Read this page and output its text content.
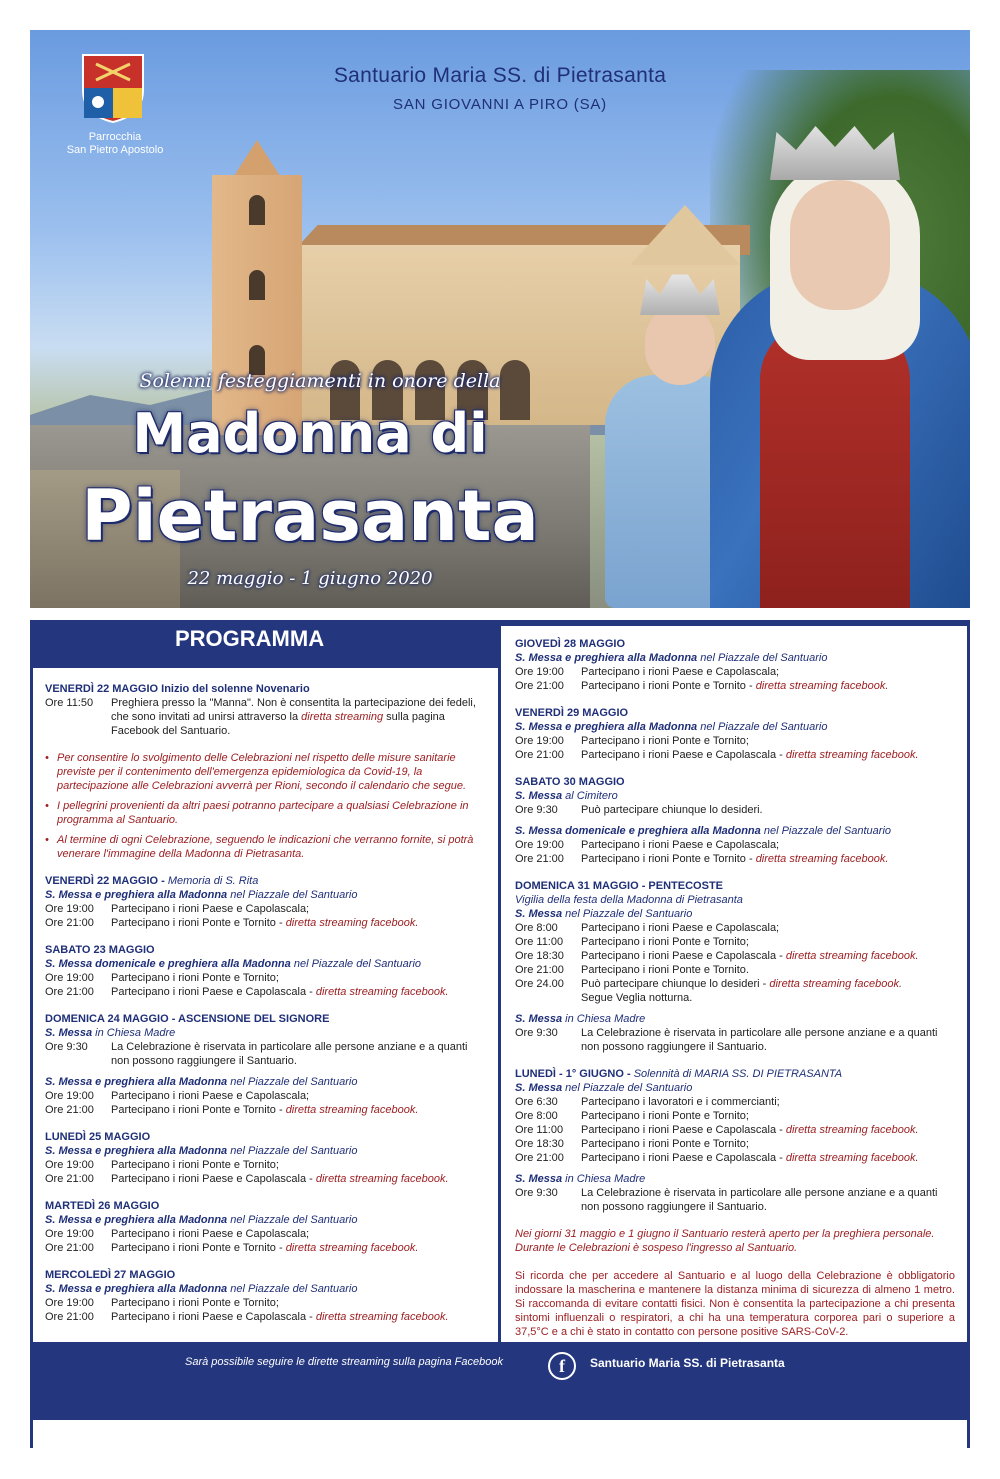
Parrocchia
San Pietro Apostolo
Santuario Maria SS. di Pietrasanta
SAN GIOVANNI A PIRO (SA)
Solenni festeggiamenti in onore della
Madonna di
Pietrasanta
22 maggio - 1 giugno 2020
PROGRAMMA
VENERDÌ 22 MAGGIO Inizio del solenne Novenario
Ore 11:50	Preghiera presso la "Manna". Non è consentita la partecipazione dei fedeli, che sono invitati ad unirsi attraverso la diretta streaming sulla pagina Facebook del Santuario.
• Per consentire lo svolgimento delle Celebrazioni nel rispetto delle misure sanitarie previste per il contenimento dell'emergenza epidemiologica da Covid-19, la partecipazione alle Celebrazioni avverrà per Rioni, secondo il calendario che segue.
• I pellegrini provenienti da altri paesi potranno partecipare a qualsiasi Celebrazione in programma al Santuario.
• Al termine di ogni Celebrazione, seguendo le indicazioni che verranno fornite, si potrà venerare l'immagine della Madonna di Pietrasanta.
VENERDÌ 22 MAGGIO - Memoria di S. Rita
S. Messa e preghiera alla Madonna nel Piazzale del Santuario
Ore 19:00	Partecipano i rioni Paese e Capolascala;
Ore 21:00	Partecipano i rioni Ponte e Tornito - diretta streaming facebook.
SABATO 23 MAGGIO
S. Messa domenicale e preghiera alla Madonna nel Piazzale del Santuario
Ore 19:00	Partecipano i rioni Ponte e Tornito;
Ore 21:00	Partecipano i rioni Paese e Capolascala - diretta streaming facebook.
DOMENICA 24 MAGGIO - ASCENSIONE DEL SIGNORE
S. Messa in Chiesa Madre
Ore 9:30	La Celebrazione è riservata in particolare alle persone anziane e a quanti non possono raggiungere il Santuario.
S. Messa e preghiera alla Madonna nel Piazzale del Santuario
Ore 19:00	Partecipano i rioni Paese e Capolascala;
Ore 21:00	Partecipano i rioni Ponte e Tornito - diretta streaming facebook.
LUNEDÌ 25 MAGGIO
S. Messa e preghiera alla Madonna nel Piazzale del Santuario
Ore 19:00	Partecipano i rioni Ponte e Tornito;
Ore 21:00	Partecipano i rioni Paese e Capolascala - diretta streaming facebook.
MARTEDÌ 26 MAGGIO
S. Messa e preghiera alla Madonna nel Piazzale del Santuario
Ore 19:00	Partecipano i rioni Paese e Capolascala;
Ore 21:00	Partecipano i rioni Ponte e Tornito - diretta streaming facebook.
MERCOLEDÌ 27 MAGGIO
S. Messa e preghiera alla Madonna nel Piazzale del Santuario
Ore 19:00	Partecipano i rioni Ponte e Tornito;
Ore 21:00	Partecipano i rioni Paese e Capolascala - diretta streaming facebook.
GIOVEDÌ 28 MAGGIO
S. Messa e preghiera alla Madonna nel Piazzale del Santuario
Ore 19:00	Partecipano i rioni Paese e Capolascala;
Ore 21:00	Partecipano i rioni Ponte e Tornito - diretta streaming facebook.
VENERDÌ 29 MAGGIO
S. Messa e preghiera alla Madonna nel Piazzale del Santuario
Ore 19:00	Partecipano i rioni Ponte e Tornito;
Ore 21:00	Partecipano i rioni Paese e Capolascala - diretta streaming facebook.
SABATO 30 MAGGIO
S. Messa al Cimitero
Ore 9:30	Può partecipare chiunque lo desideri.
S. Messa domenicale e preghiera alla Madonna nel Piazzale del Santuario
Ore 19:00	Partecipano i rioni Paese e Capolascala;
Ore 21:00	Partecipano i rioni Ponte e Tornito - diretta streaming facebook.
DOMENICA 31 MAGGIO - PENTECOSTE
Vigilia della festa della Madonna di Pietrasanta
S. Messa nel Piazzale del Santuario
Ore 8:00	Partecipano i rioni Paese e Capolascala;
Ore 11:00	Partecipano i rioni Ponte e Tornito;
Ore 18:30	Partecipano i rioni Paese e Capolascala - diretta streaming facebook.
Ore 21:00	Partecipano i rioni Ponte e Tornito.
Ore 24.00	Può partecipare chiunque lo desideri - diretta streaming facebook.
Segue Veglia notturna.
S. Messa in Chiesa Madre
Ore 9:30	La Celebrazione è riservata in particolare alle persone anziane e a quanti non possono raggiungere il Santuario.
LUNEDÌ - 1° GIUGNO - Solennità di MARIA SS. DI PIETRASANTA
S. Messa nel Piazzale del Santuario
Ore 6:30	Partecipano i lavoratori e i commercianti;
Ore 8:00	Partecipano i rioni Ponte e Tornito;
Ore 11:00	Partecipano i rioni Paese e Capolascala - diretta streaming facebook.
Ore 18:30	Partecipano i rioni Ponte e Tornito;
Ore 21:00	Partecipano i rioni Paese e Capolascala - diretta streaming facebook.
S. Messa in Chiesa Madre
Ore 9:30	La Celebrazione è riservata in particolare alle persone anziane e a quanti non possono raggiungere il Santuario.
Nei giorni 31 maggio e 1 giugno il Santuario resterà aperto per la preghiera personale. Durante le Celebrazioni è sospeso l'ingresso al Santuario.
Si ricorda che per accedere al Santuario e al luogo della Celebrazione è obbligatorio indossare la mascherina e mantenere la distanza minima di sicurezza di almeno 1 metro. Si raccomanda di evitare contatti fisici. Non è consentita la partecipazione a chi presenta sintomi influenzali o respiratori, a chi ha una temperatura corporea pari o superiore a 37,5°C e a chi è stato in contatto con persone positive SARS-CoV-2.
Sarà possibile seguire le dirette streaming sulla pagina Facebook	f	Santuario Maria SS. di Pietrasanta
